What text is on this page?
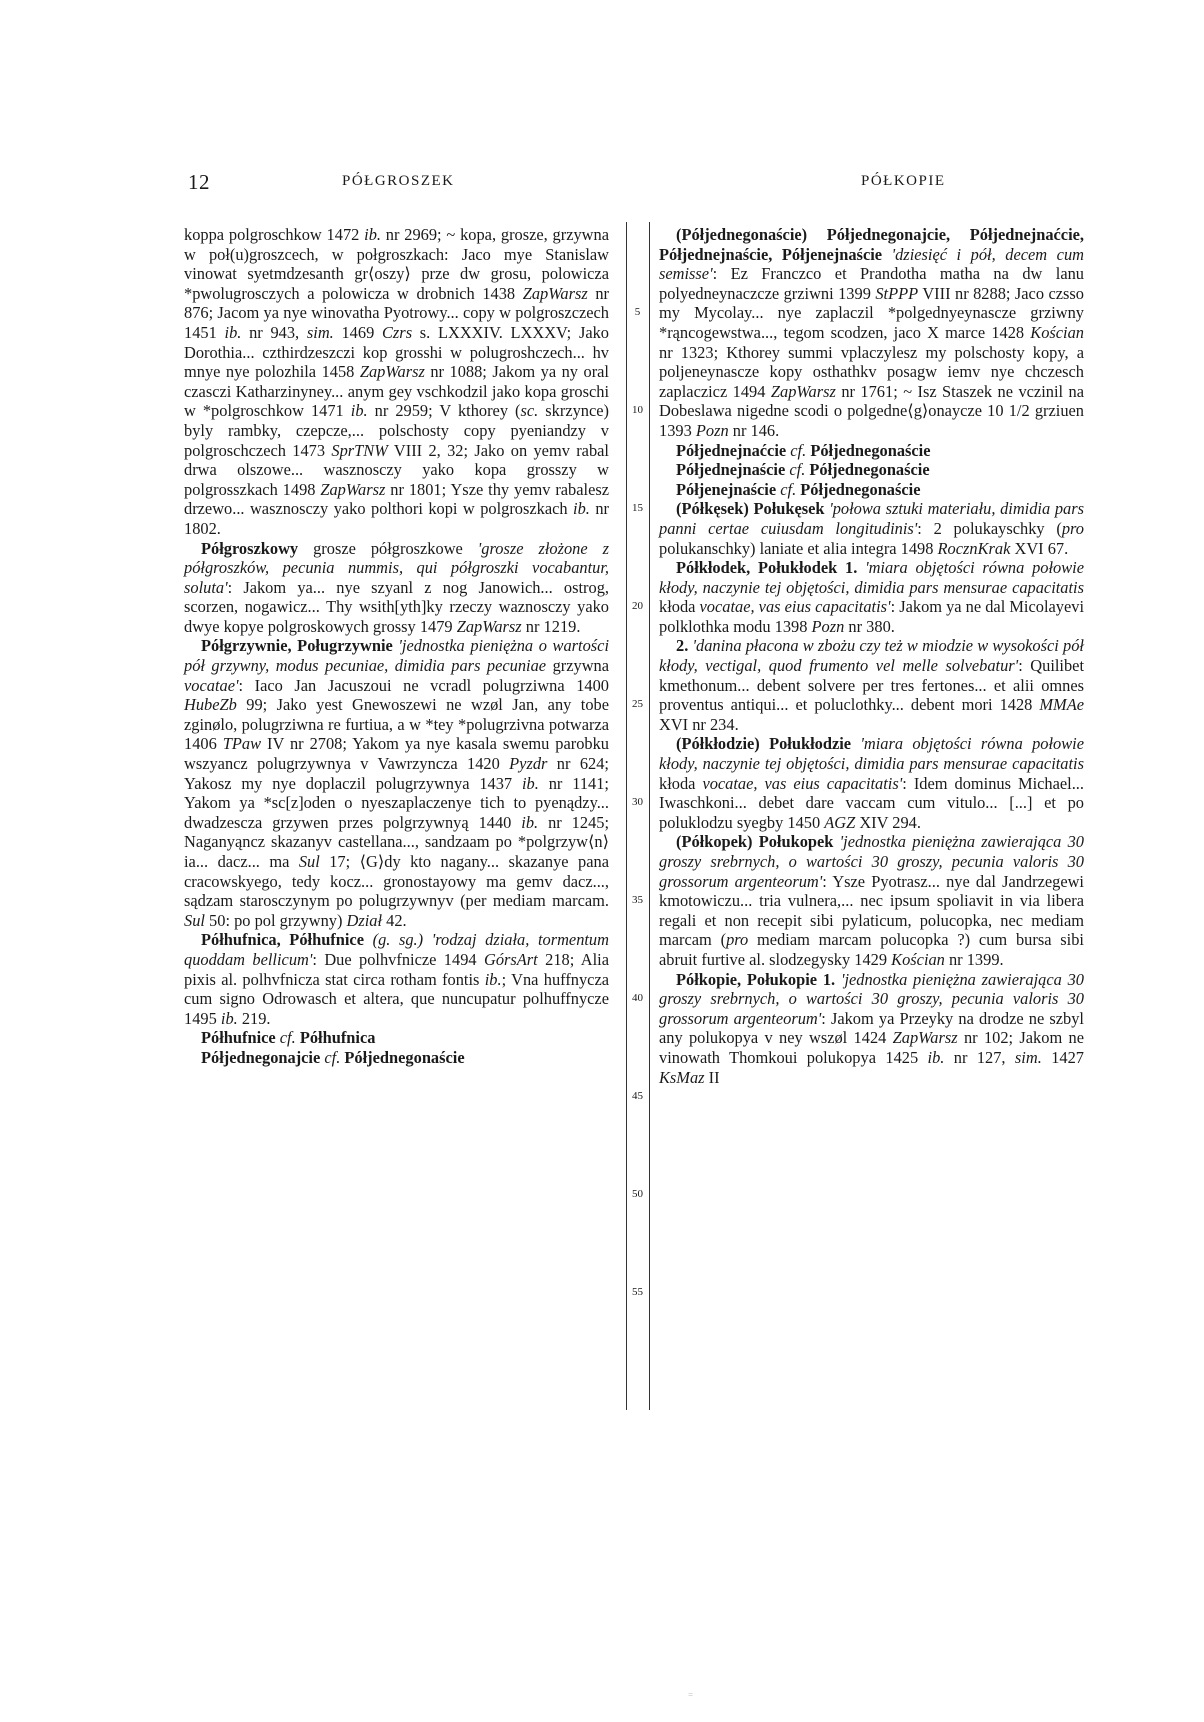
12	PÓŁGROSZEK	PÓŁKOPIE
5
10
15
20
25
30
35
40
45
50
55

koppa polgroschkow 1472 ib. nr 2969; ~ kopa, grosze, grzywna w poł(u)groszcech, w połgroszkach: Jaco mye Stanislaw vinowat syetmdzesanth gr⟨oszy⟩ prze dw grosu, polowicza *pwolugrosczych a polowicza w drobnich 1438 ZapWarsz nr 876; Jacom ya nye winovatha Pyotrowy... copy w polgroszczech 1451 ib. nr 943, sim. 1469 Czrs s. LXXXIV. LXXXV; Jako Dorothia... czthirdzeszczi kop grosshi w polugroshczech... hv mnye nye polozhila 1458 ZapWarsz nr 1088; Jakom ya ny oral czasczi Katharzinyney... anym gey vschkodzil jako kopa groschi w *polgroschkow 1471 ib. nr 2959; V kthorey (sc. skrzynce) byly rambky, czepcze,... polschosty copy pyeniandzy v polgroschczech 1473 SprTNW VIII 2, 32; Jako on yemv rabal drwa olszowe... wasznosczy yako kopa grosszy w polgrosszkach 1498 ZapWarsz nr 1801; Ysze thy yemv rabalesz drzewo... wasznosczy yako polthori kopi w polgroszkach ib. nr 1802.

Półgroszkowy grosze półgroszkowe 'grosze złożone z półgroszków, pecunia nummis, qui półgroszki vocabantur, soluta': Jakom ya... nye szyanl z nog Janowich... ostrog, scorzen, nogawicz... Thy wsith[yth]ky rzeczy waznosczy yako dwye kopye polgroskowych grossy 1479 ZapWarsz nr 1219.

Półgrzywnie, Poługrzywnie 'jednostka pieniężna o wartości pół grzywny, modus pecuniae, dimidia pars pecuniae grzywna vocatae': Iaco Jan Jacuszoui ne vcradl polugrziwna 1400 HubeZb 99; Jako yest Gnewoszewi ne wzøl Jan, any tobe zginølo, polugrziwna re furtiua, a w *tey *polugrzivna potwarza 1406 TPaw IV nr 2708; Yakom ya nye kasala swemu parobku wszyancz polugrzywnya v Vawrzyncza 1420 Pyzdr nr 624; Yakosz my nye doplaczil polugrzywnya 1437 ib. nr 1141; Yakom ya *sc[z]oden o nyeszaplaczenye tich to pyenądzy... dwadzescza grzywen przes polgrzywnyą 1440 ib. nr 1245; Naganyąncz skazanyv castellana..., sandzaam po *polgrzyw⟨n⟩ia... dacz... ma Sul 17; ⟨G⟩dy kto nagany... skazanye pana cracowskyego, tedy kocz... gronostayowy ma gemv dacz..., sądzam starosczynym po polugrzywnyv (per mediam marcam. Sul 50: po pol grzywny) Dział 42.

Półhufnica, Półhufnice (g. sg.) 'rodzaj działa, tormentum quoddam bellicum': Due polhvfnicze 1494 GórsArt 218; Alia pixis al. polhvfnicza stat circa rotham fontis ib.; Vna huffnycza cum signo Odrowasch et altera, que nuncupatur polhuffnycze 1495 ib. 219.

Półhufnice cf. Półhufnica

Półjednegonajcie cf. Półjednegonaście

(Półjednegonaście) Półjednegonajcie, Półjednejnaćcie, Półjednejnaście, Półjenejnaście 'dziesięć i pół, decem cum semisse': Ez Franczco et Prandotha matha na dw lanu polyedneynaczcze grziwni 1399 StPPP VIII nr 8288; Jaco czsso my Mycolay... nye zaplaczil *polgednyeynascze grziwny *rąncogewstwa..., tegom scodzen, jaco X marce 1428 Kościan nr 1323; Kthorey summi vplaczylesz my polschosty kopy, a poljeneynascze kopy osthathkv posagw iemv nye chczesch zaplaczicz 1494 ZapWarsz nr 1761; ~ Isz Staszek ne vczinil na Dobeslawa nigedne scodi o polgedne⟨g⟩onaycze 10 1/2 grziuen 1393 Pozn nr 146.

Półjednejnaćcie cf. Półjednegonaście

Półjednejnaście cf. Półjednegonaście

Półjenejnaście cf. Półjednegonaście

(Półkęsek) Połukęsek 'połowa sztuki materiału, dimidia pars panni certae cuiusdam longitudinis': 2 polukayschky (pro polukanschky) laniate et alia integra 1498 RocznKrak XVI 67.

Półkłodek, Połukłodek 1. 'miara objętości równa połowie kłody, naczynie tej objętości, dimidia pars mensurae capacitatis kłoda vocatae, vas eius capacitatis': Jakom ya ne dal Micolayevi polklothka modu 1398 Pozn nr 380.

2. 'danina płacona w zbożu czy też w miodzie w wysokości pół kłody, vectigal, quod frumento vel melle solvebatur': Quilibet kmethonum... debent solvere per tres fertones... et alii omnes proventus antiqui... et poluclothky... debent mori 1428 MMAe XVI nr 234.

(Półkłodzie) Połukłodzie 'miara objętości równa połowie kłody, naczynie tej objętości, dimidia pars mensurae capacitatis kłoda vocatae, vas eius capacitatis': Idem dominus Michael... Iwaschkoni... debet dare vaccam cum vitulo... [...] et po poluklodzu syegby 1450 AGZ XIV 294.

(Półkopek) Połukopek 'jednostka pieniężna zawierająca 30 groszy srebrnych, o wartości 30 groszy, pecunia valoris 30 grossorum argenteorum': Ysze Pyotrasz... nye dal Jandrzegewi kmotowiczu... tria vulnera,... nec ipsum spoliavit in via libera regali et non recepit sibi pylaticum, polucopka, nec mediam marcam (pro mediam marcam polucopka ?) cum bursa sibi abruit furtive al. slodzegysky 1429 Kościan nr 1399.

Półkopie, Połukopie 1. 'jednostka pieniężna zawierająca 30 groszy srebrnych, o wartości 30 groszy, pecunia valoris 30 grossorum argenteorum': Jakom ya Przeyky na drodze ne szbyl any polukopya v ney wszøl 1424 ZapWarsz nr 102; Jakom ne vinowath Thomkoui polukopya 1425 ib. nr 127, sim. 1427 KsMaz II

=
